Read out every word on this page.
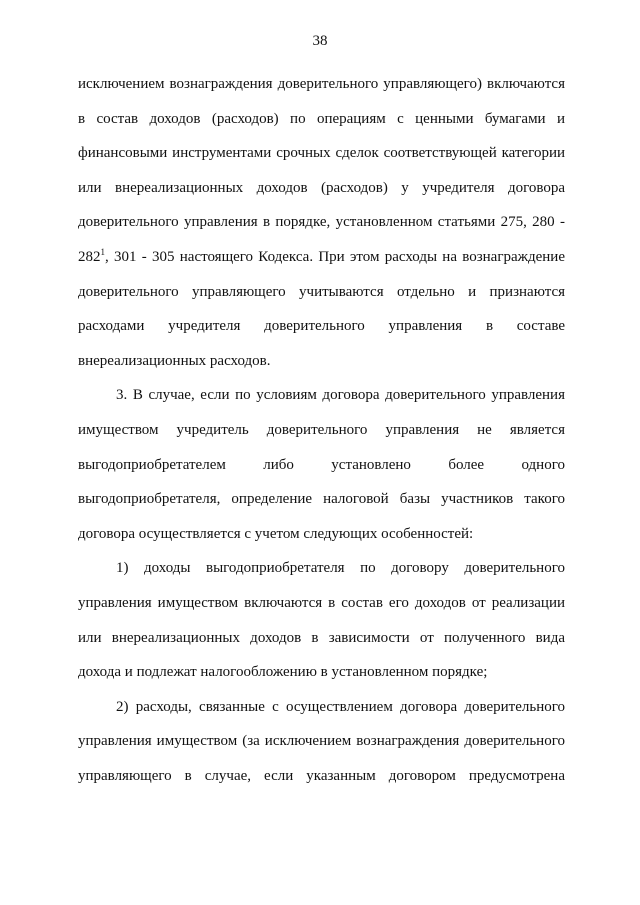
38
исключением вознаграждения доверительного управляющего) включаются
в состав доходов (расходов) по операциям с ценными бумагами и
финансовыми инструментами срочных сделок соответствующей категории
или внереализационных доходов (расходов) у учредителя договора
доверительного управления в порядке, установленном статьями 275, 280 -
$282^1$, 301 - 305 настоящего Кодекса. При этом расходы на вознаграждение
доверительного управляющего учитываются отдельно и признаются
расходами учредителя доверительного управления в составе
внереализационных расходов.
3. В случае, если по условиям договора доверительного управления
имуществом учредитель доверительного управления не является
выгодоприобретателем либо установлено более одного
выгодоприобретателя, определение налоговой базы участников такого
договора осуществляется с учетом следующих особенностей:
1) доходы выгодоприобретателя по договору доверительного
управления имуществом включаются в состав его доходов от реализации
или внереализационных доходов в зависимости от полученного вида
дохода и подлежат налогообложению в установленном порядке;
2) расходы, связанные с осуществлением договора доверительного
управления имуществом (за исключением вознаграждения доверительного
управляющего в случае, если указанным договором предусмотрена
